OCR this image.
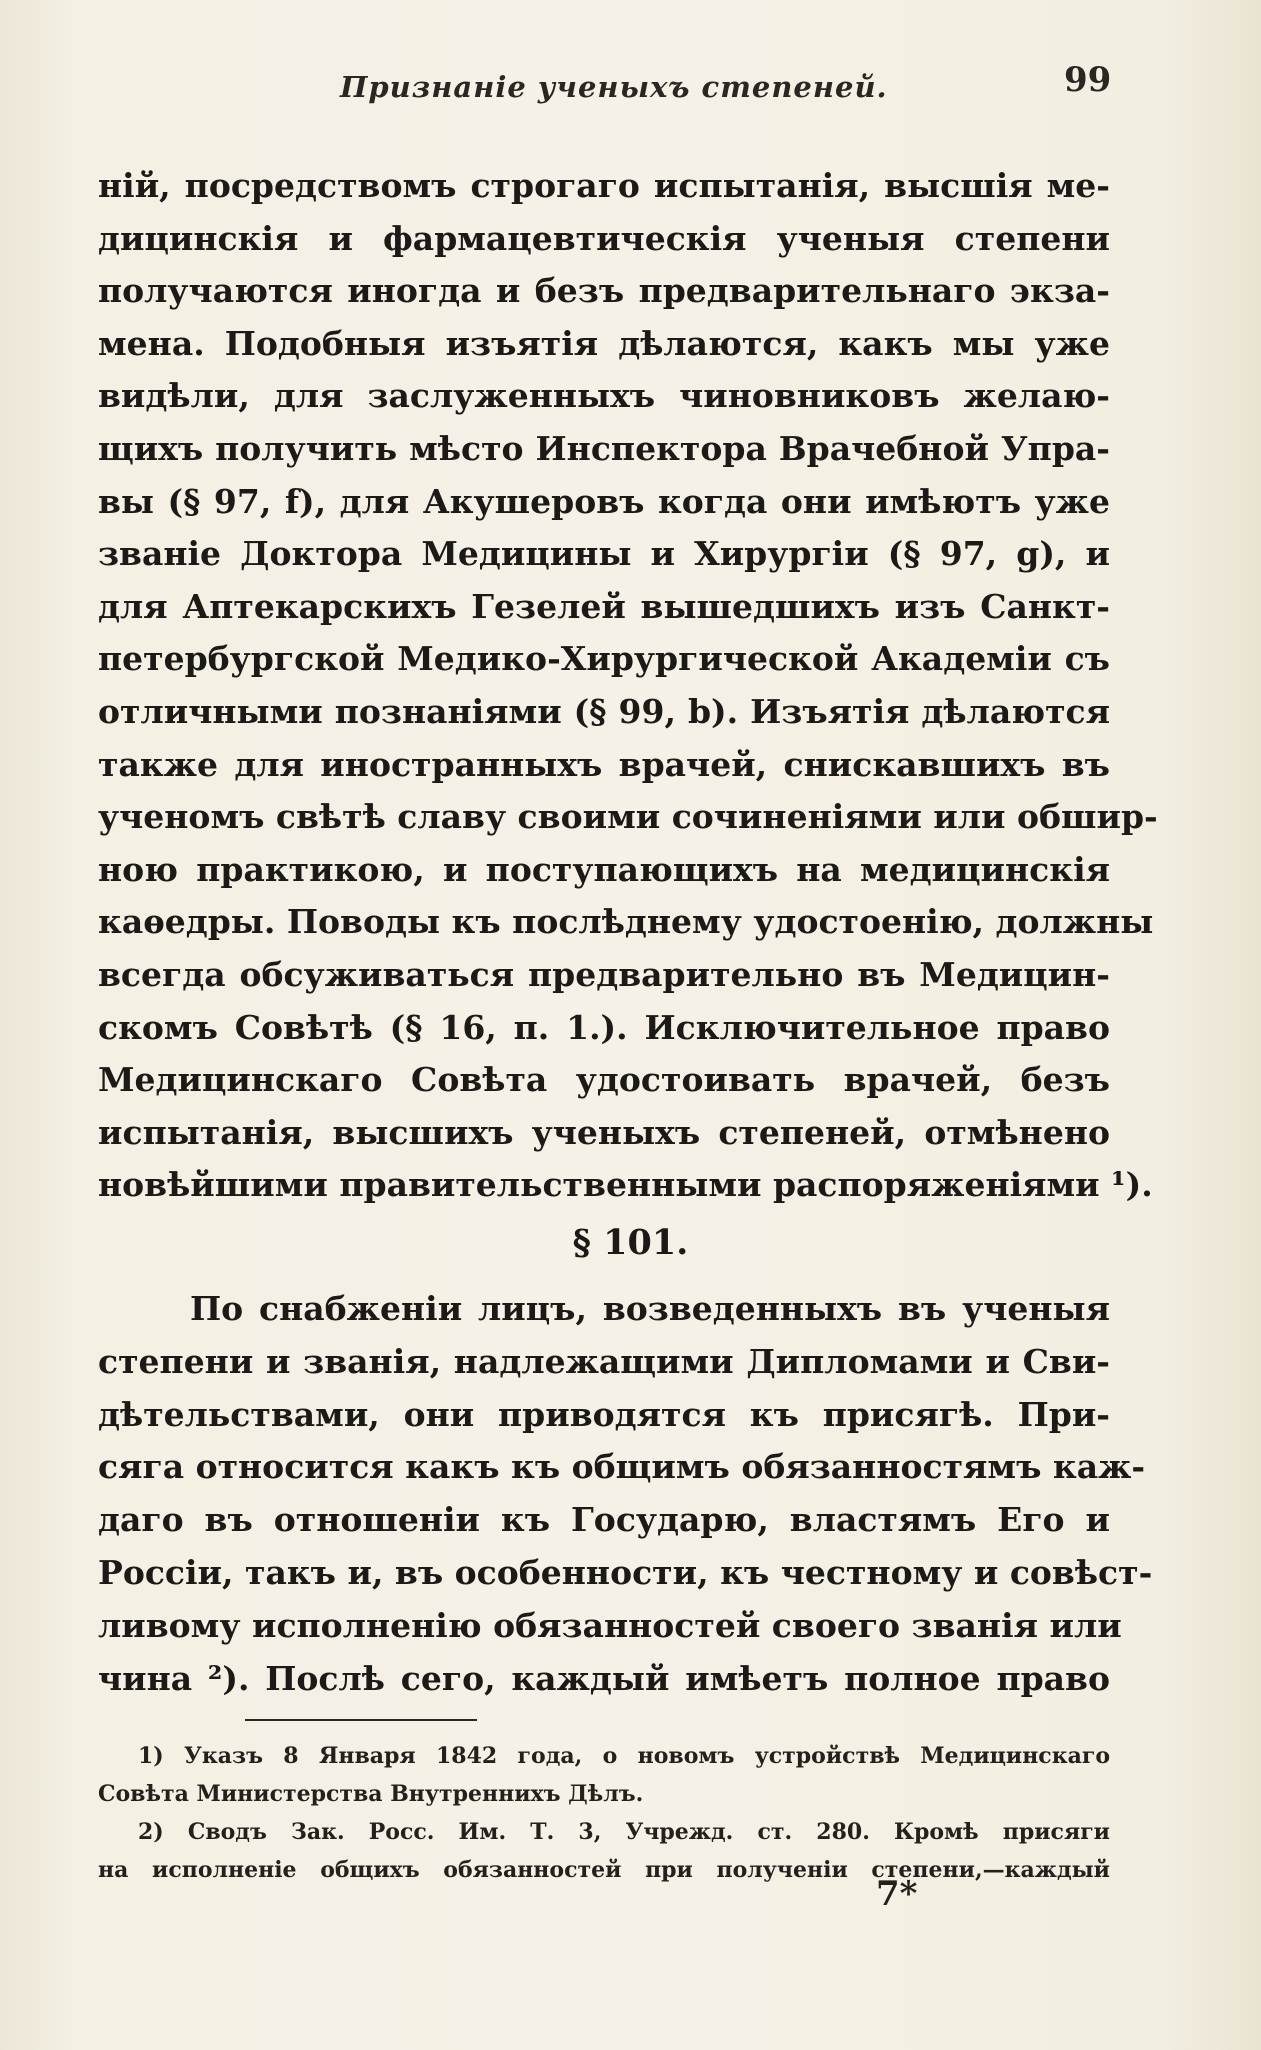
Признаніе ученыхъ степеней.	99
ній, посредствомъ строгаго испытанія, высшія ме-
дицинскія и фармацевтическія ученыя степени
получаются иногда и безъ предварительнаго экза-
мена. Подобныя изъятія дѣлаются, какъ мы уже
видѣли, для заслуженныхъ чиновниковъ желаю-
щихъ получить мѣсто Инспектора Врачебной Упра-
вы (§ 97, f), для Акушеровъ когда они имѣютъ уже
званіе Доктора Медицины и Хирургіи (§ 97, g), и
для Аптекарскихъ Гезелей вышедшихъ изъ Санкт-
петербургской Медико-Хирургической Академіи съ
отличными познаніями (§ 99, b). Изъятія дѣлаются
также для иностранныхъ врачей, снискавшихъ въ
ученомъ свѣтѣ славу своими сочиненіями или обшир-
ною практикою, и поступающихъ на медицинскія
каѳедры. Поводы къ послѣднему удостоенію, должны
всегда обсуживаться предварительно въ Медицин-
скомъ Совѣтѣ (§ 16, п. 1.). Исключительное право
Медицинскаго Совѣта удостоивать врачей, безъ
испытанія, высшихъ ученыхъ степеней, отмѣнено
новѣйшими правительственными распоряженіями ¹).
§ 101.
По снабженіи лицъ, возведенныхъ въ ученыя
степени и званія, надлежащими Дипломами и Сви-
дѣтельствами, они приводятся къ присягѣ. При-
сяга относится какъ къ общимъ обязанностямъ каж-
даго въ отношеніи къ Государю, властямъ Его и
Россіи, такъ и, въ особенности, къ честному и совѣст-
ливому исполненію обязанностей своего званія или
чина ²). Послѣ сего, каждый имѣетъ полное право
1) Указъ 8 Января 1842 года, о новомъ устройствѣ Медицинскаго
Совѣта Министерства Внутреннихъ Дѣлъ.
2) Сводъ Зак. Росс. Им. Т. 3, Учрежд. ст. 280. Кромѣ присяги
на исполненіе общихъ обязанностей при полученіи степени,—каждый
7*
